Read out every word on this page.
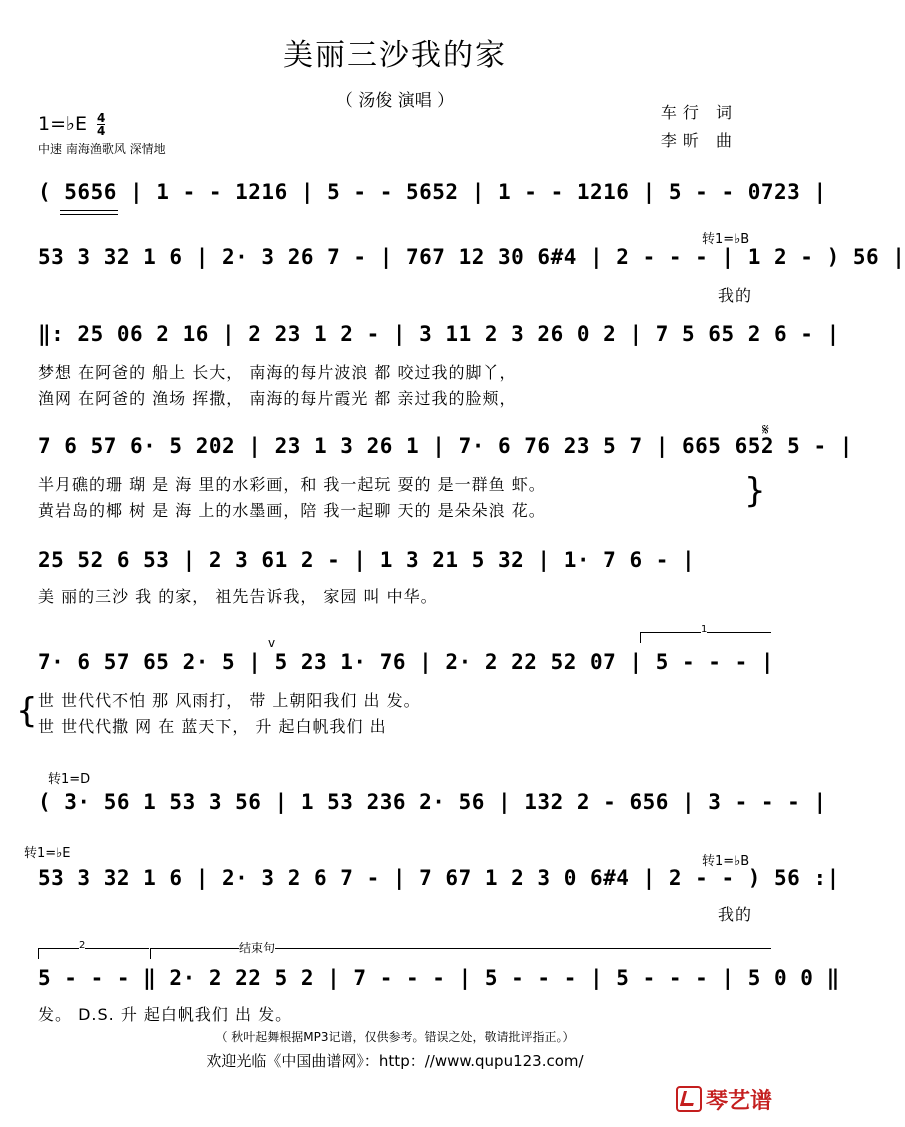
美丽三沙我的家
（ 汤俊 演唱 ）
1=♭E $\frac{4}{4}$
中速 南海渔歌风 深情地
车行 词
李昕 曲
( 5656 | 1 - - 1216 | 5 - - 5652 | 1 - - 1216 | 5 - - 0723 |
转1=♭B
53 3 32 1 6 | 2· 3 26 7 - | 767 12 30 6#4 | 2 - - - | 1 2 - ) 56 |
我的
‖: 25 06 2 16 | 2 23 1 2 - | 3 11 2 3 26 0 2 | 7 5 65 2 6 - |
梦想 在阿爸的 船上 长大， 南海的每片波浪 都 咬过我的脚丫，
渔网 在阿爸的 渔场 挥撒， 南海的每片霞光 都 亲过我的脸颊，
𝄋
7 6 57 6· 5 202 | 23 1 3 26 1 | 7· 6 76 23 5 7 | 665 652 5 - |
半月礁的珊 瑚 是 海 里的水彩画，和 我一起玩 耍的 是一群鱼 虾。
黄岩岛的椰 树 是 海 上的水墨画，陪 我一起聊 天的 是朵朵浪 花。	}
25 52 6 53 | 2 3 61 2 - | 1 3 21 5 32 | 1· 7 6 - |
美 丽的三沙 我 的家， 祖先告诉我， 家园 叫 中华。
1
{
7· 6 57 65 2· 5 | 5 23 1· 76 | 2· 2 22 52 07 | 5 - - - |
v
世 世代代不怕 那 风雨打， 带 上朝阳我们 出 发。
世 世代代撒 网 在 蓝天下， 升 起白帆我们 出
转1=D
( 3· 56 1 53 3 56 | 1 53 236 2· 56 | 132 2 - 656 | 3 - - - |
转1=♭E
转1=♭B
53 3 32 1 6 | 2· 3 2 6 7 - | 7 67 1 2 3 0 6#4 | 2 - - ) 56 :|
我的
2	结束句
5 - - - ‖ 2· 2 22 5 2 | 7 - - - | 5 - - - | 5 - - - | 5 0 0 ‖
发。 D.S. 升 起白帆我们 出 发。
（ 秋叶起舞根据MP3记谱，仅供参考。错误之处，敬请批评指正。）
欢迎光临《中国曲谱网》：http：//www.qupu123.com/
琴艺谱
